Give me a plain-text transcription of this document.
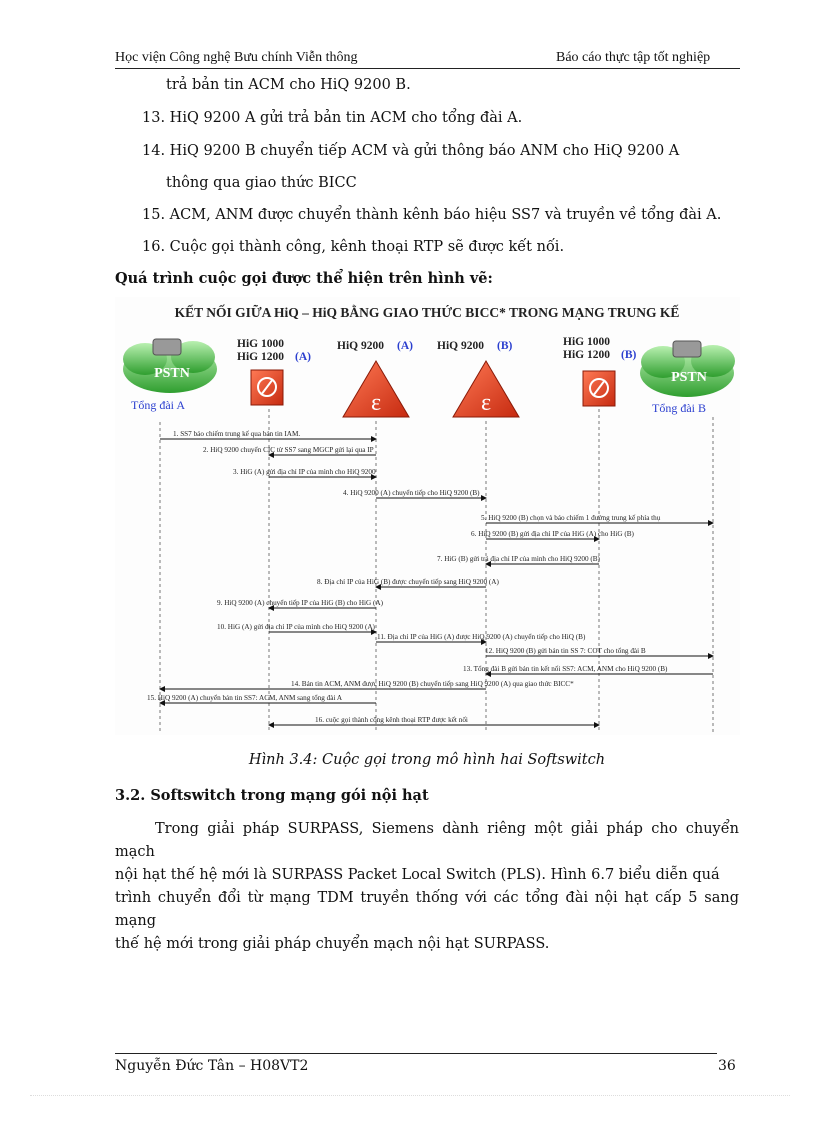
Học viện Công nghệ Bưu chính Viễn thông	Báo cáo thực tập tốt nghiệp
trả bản tin ACM cho HiQ 9200 B.
13. HiQ 9200 A gửi trả bản tin ACM cho tổng đài A.
14. HiQ 9200 B chuyển tiếp ACM và gửi thông báo ANM cho HiQ 9200 A
thông qua giao thức BICC
15. ACM, ANM được chuyển thành kênh báo hiệu SS7 và truyền về tổng đài A.
16. Cuộc gọi thành công, kênh thoại RTP sẽ được kết nối.
Quá trình cuộc gọi được thể hiện trên hình vẽ:
KẾT NỐI GIỮA HiQ – HiQ BẰNG GIAO THỨC BICC* TRONG MẠNG TRUNG KẾ
PSTN
Tổng đài A
PSTN
Tổng đài B
HiG 1000
HiG 1200 (A)
HiQ 9200 (A)
ε
HiQ 9200 (B)
ε
HiG 1000
HiG 1200 (B)
1. SS7 báo chiếm trung kế qua bản tin IAM.
2. HiQ 9200 chuyển CIC từ SS7 sang MGCP gửi lại qua IP
3. HiG (A) gửi địa chỉ IP của mình cho HiQ 9200
4. HiQ 9200 (A) chuyển tiếp cho HiQ 9200 (B)
5. HiQ 9200 (B) chọn và báo chiếm 1 đường trung kế phía thụ
6. HiQ 9200 (B) gửi địa chỉ IP của HiG (A) cho HiG (B)
7. HiG (B) gửi trả địa chỉ IP của mình cho HiQ 9200 (B)
8. Địa chỉ IP của HiG (B) được chuyển tiếp sang HiQ 9200 (A)
9. HiQ 9200 (A) chuyển tiếp IP của HiG (B) cho HiG (A)
10. HiG (A) gửi địa chỉ IP của mình cho HiQ 9200 (A)
11. Địa chỉ IP của HiG (A) được HiQ 9200 (A) chuyển tiếp cho HiQ (B)
12. HiQ 9200 (B) gửi bản tin SS 7: COT cho tổng đài B
13. Tổng đài B gửi bản tin kết nối SS7: ACM, ANM cho HiQ 9200 (B)
14. Bản tin ACM, ANM được HiQ 9200 (B) chuyển tiếp sang HiQ 9200 (A) qua giao thức BICC*
15. HiQ 9200 (A) chuyển bản tin SS7: ACM, ANM sang tổng đài A
16. cuộc gọi thành công kênh thoại RTP được kết nối
Hình 3.4: Cuộc gọi trong mô hình hai Softswitch
3.2. Softswitch trong mạng gói nội hạt
Trong giải pháp SURPASS, Siemens dành riêng một giải pháp cho chuyển mạch
nội hạt thế hệ mới là SURPASS Packet Local Switch (PLS). Hình 6.7 biểu diễn quá
trình chuyển đổi từ mạng TDM truyền thống với các tổng đài nội hạt cấp 5 sang mạng
thế hệ mới trong giải pháp chuyển mạch nội hạt SURPASS.
Nguyễn Đức Tân – H08VT2	36
